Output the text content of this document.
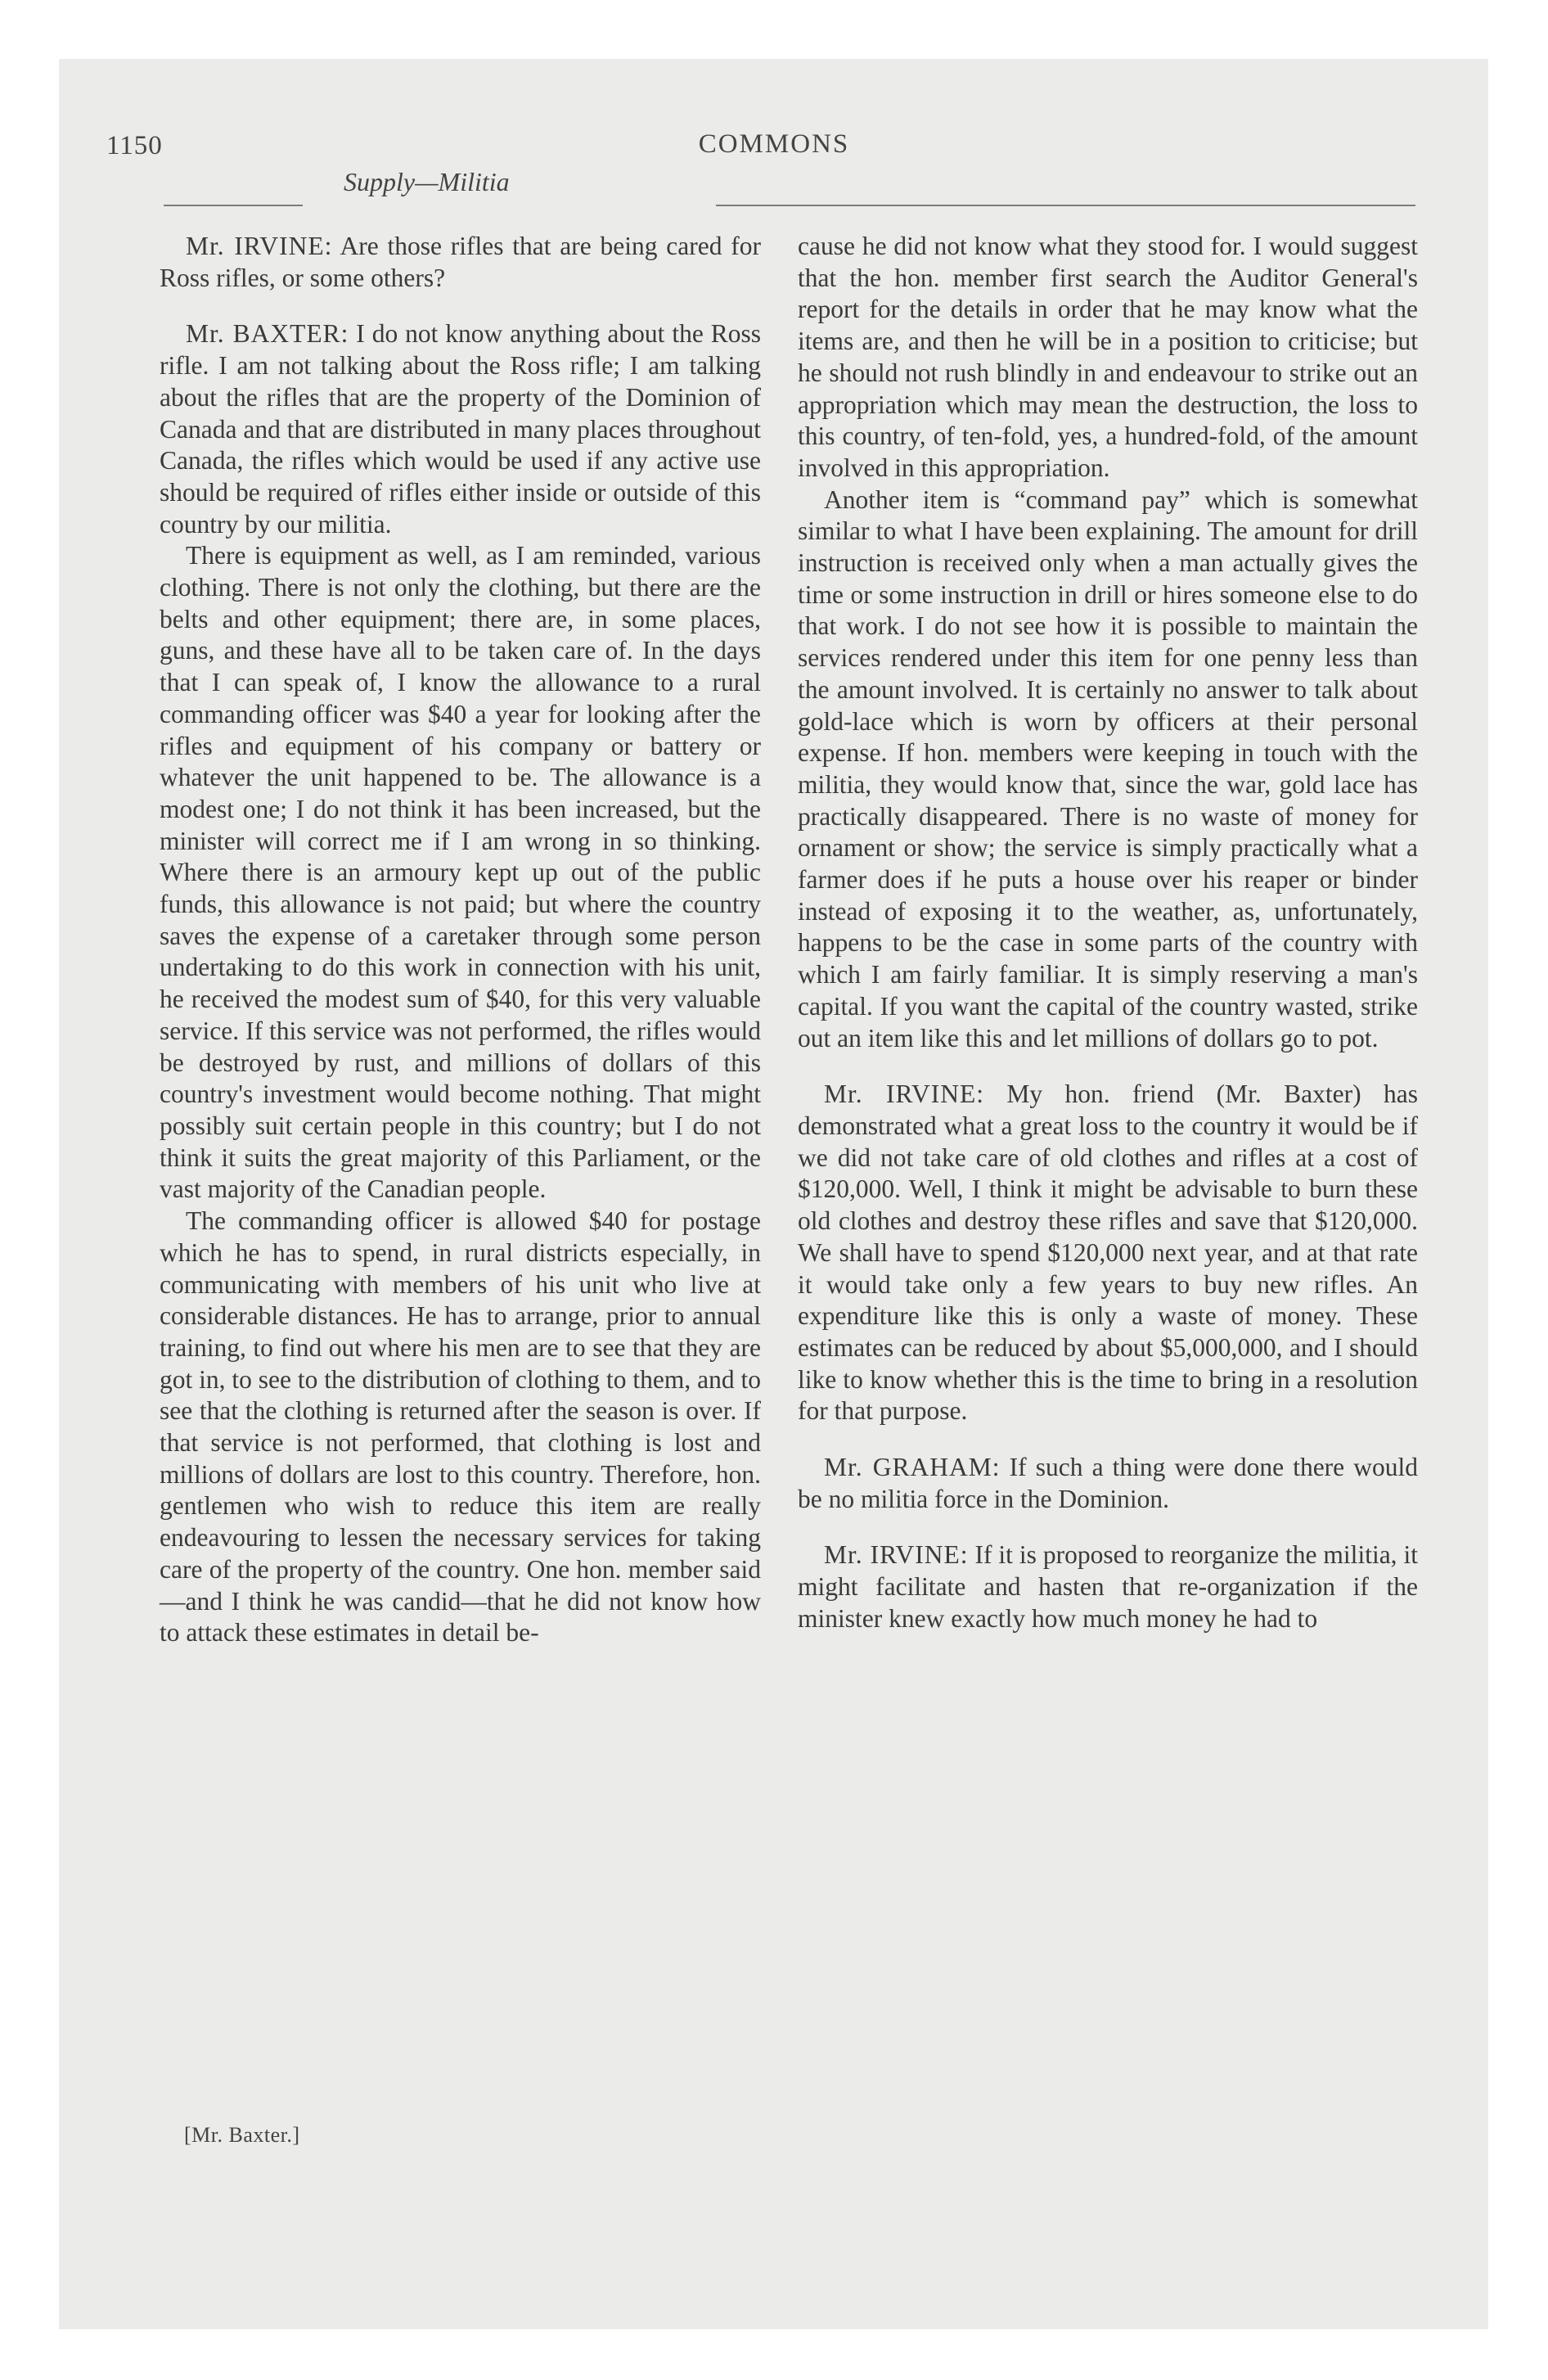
1150	COMMONS
Supply—Militia

Mr. IRVINE: Are those rifles that are being cared for Ross rifles, or some others?

Mr. BAXTER: I do not know anything about the Ross rifle. I am not talking about the Ross rifle; I am talking about the rifles that are the property of the Dominion of Canada and that are distributed in many places throughout Canada, the rifles which would be used if any active use should be required of rifles either inside or outside of this country by our militia.

There is equipment as well, as I am reminded, various clothing. There is not only the clothing, but there are the belts and other equipment; there are, in some places, guns, and these have all to be taken care of. In the days that I can speak of, I know the allowance to a rural commanding officer was $40 a year for looking after the rifles and equipment of his company or battery or whatever the unit happened to be. The allowance is a modest one; I do not think it has been increased, but the minister will correct me if I am wrong in so thinking. Where there is an armoury kept up out of the public funds, this allowance is not paid; but where the country saves the expense of a caretaker through some person undertaking to do this work in connection with his unit, he received the modest sum of $40, for this very valuable service. If this service was not performed, the rifles would be destroyed by rust, and millions of dollars of this country's investment would become nothing. That might possibly suit certain people in this country; but I do not think it suits the great majority of this Parliament, or the vast majority of the Canadian people.

The commanding officer is allowed $40 for postage which he has to spend, in rural districts especially, in communicating with members of his unit who live at considerable distances. He has to arrange, prior to annual training, to find out where his men are to see that they are got in, to see to the distribution of clothing to them, and to see that the clothing is returned after the season is over. If that service is not performed, that clothing is lost and millions of dollars are lost to this country. Therefore, hon. gentlemen who wish to reduce this item are really endeavouring to lessen the necessary services for taking care of the property of the country. One hon. member said—and I think he was candid—that he did not know how to attack these estimates in detail be-

cause he did not know what they stood for. I would suggest that the hon. member first search the Auditor General's report for the details in order that he may know what the items are, and then he will be in a position to criticise; but he should not rush blindly in and endeavour to strike out an appropriation which may mean the destruction, the loss to this country, of ten-fold, yes, a hundred-fold, of the amount involved in this appropriation.

Another item is “command pay” which is somewhat similar to what I have been explaining. The amount for drill instruction is received only when a man actually gives the time or some instruction in drill or hires someone else to do that work. I do not see how it is possible to maintain the services rendered under this item for one penny less than the amount involved. It is certainly no answer to talk about gold-lace which is worn by officers at their personal expense. If hon. members were keeping in touch with the militia, they would know that, since the war, gold lace has practically disappeared. There is no waste of money for ornament or show; the service is simply practically what a farmer does if he puts a house over his reaper or binder instead of exposing it to the weather, as, unfortunately, happens to be the case in some parts of the country with which I am fairly familiar. It is simply reserving a man's capital. If you want the capital of the country wasted, strike out an item like this and let millions of dollars go to pot.

Mr. IRVINE: My hon. friend (Mr. Baxter) has demonstrated what a great loss to the country it would be if we did not take care of old clothes and rifles at a cost of $120,000. Well, I think it might be advisable to burn these old clothes and destroy these rifles and save that $120,000. We shall have to spend $120,000 next year, and at that rate it would take only a few years to buy new rifles. An expenditure like this is only a waste of money. These estimates can be reduced by about $5,000,000, and I should like to know whether this is the time to bring in a resolution for that purpose.

Mr. GRAHAM: If such a thing were done there would be no militia force in the Dominion.

Mr. IRVINE: If it is proposed to reorganize the militia, it might facilitate and hasten that re-organization if the minister knew exactly how much money he had to

[Mr. Baxter.]
